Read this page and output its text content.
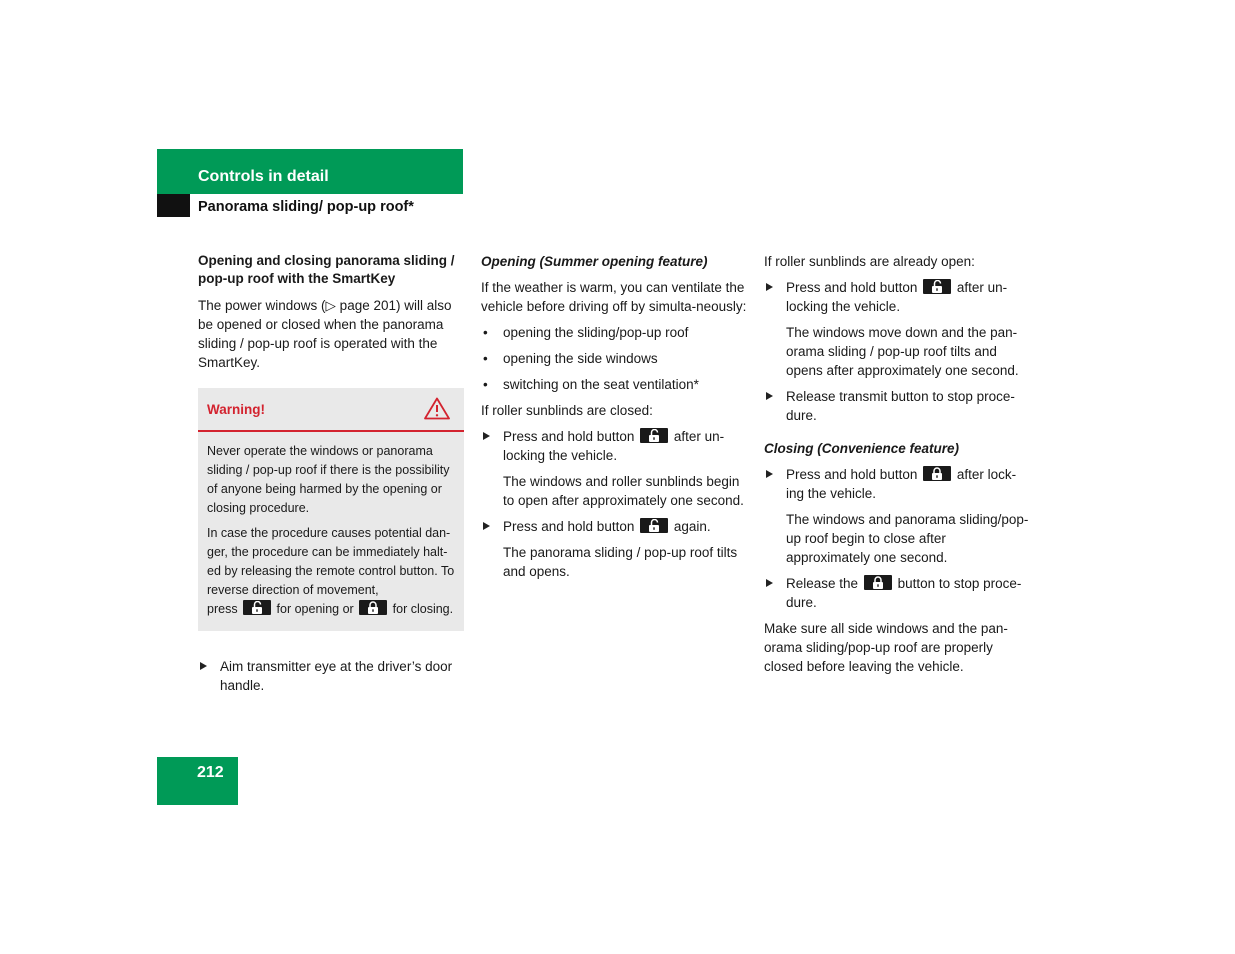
Controls in detail
Panorama sliding/ pop-up roof*

Opening and closing panorama sliding / pop-up roof with the SmartKey

The power windows (▷ page 201) will also be opened or closed when the panorama sliding / pop-up roof is operated with the SmartKey.

Warning!

Never operate the windows or panorama sliding / pop-up roof if there is the possibility of anyone being harmed by the opening or closing procedure.

In case the procedure causes potential dan-ger, the procedure can be immediately halt-ed by releasing the remote control button. To reverse direction of movement,
press	for opening or	for closing.

Aim transmitter eye at the driver’s door handle.

Opening (Summer opening feature)

If the weather is warm, you can ventilate the vehicle before driving off by simulta-neously:

• opening the sliding/pop-up roof

• opening the side windows

• switching on the seat ventilation*

If roller sunblinds are closed:

Press and hold button	after un-locking the vehicle.

The windows and roller sunblinds begin to open after approximately one second.

Press and hold button	again.

The panorama sliding / pop-up roof tilts and opens.

If roller sunblinds are already open:

Press and hold button	after un-locking the vehicle.

The windows move down and the pan-orama sliding / pop-up roof tilts and opens after approximately one second.

Release transmit button to stop proce-dure.

Closing (Convenience feature)

Press and hold button	after lock-ing the vehicle.

The windows and panorama sliding/pop-up roof begin to close after approximately one second.

Release the	button to stop proce-dure.

Make sure all side windows and the pan-orama sliding/pop-up roof are properly closed before leaving the vehicle.

212
